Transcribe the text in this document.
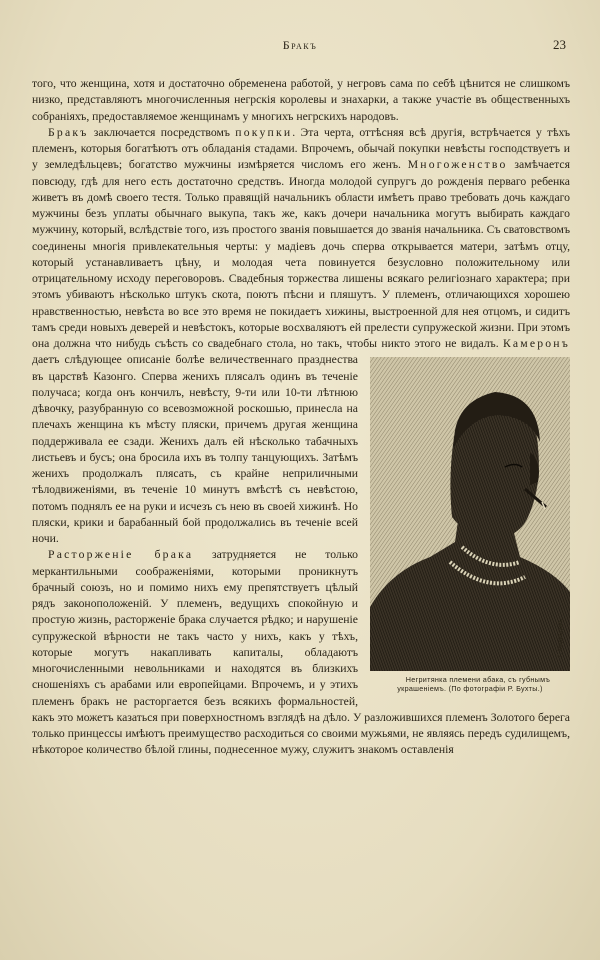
Бракъ	23

того, что женщина, хотя и достаточно обременена работой, у негровъ сама по себѣ цѣнится не слишкомъ низко, представляютъ многочисленныя негрскія королевы и знахарки, а также участіе въ общественныхъ собраніяхъ, предоставляемое женщинамъ у многихъ негрскихъ народовъ.

Бракъ заключается посредствомъ покупки. Эта черта, оттѣсняя всѣ другія, встрѣчается у тѣхъ племенъ, которыя богатѣютъ отъ обладанія стадами. Впрочемъ, обычай покупки невѣсты господствуетъ и у земледѣльцевъ; богатство мужчины измѣряется числомъ его женъ. Многоженство замѣчается повсюду, гдѣ для него есть достаточно средствъ. Иногда молодой супругъ до рожденія перваго ребенка живетъ въ домѣ своего тестя. Только правящій начальникъ области имѣетъ право требовать дочь каждаго мужчины безъ уплаты обычнаго выкупа, такъ же, какъ дочери начальника могутъ выбирать каждаго мужчину, который, вслѣдствіе того, изъ простого званія повышается до званія начальника. Съ сватовствомъ соединены многія привлекательныя черты: у мадіевъ дочь сперва открывается матери, затѣмъ отцу, который устанавливаетъ цѣну, и молодая чета повинуется безусловно положительному или отрицательному исходу переговоровъ. Свадебныя торжества лишены всякаго религіознаго характера; при этомъ убиваютъ нѣсколько штукъ скота, поютъ пѣсни и пляшутъ. У племенъ, отличающихся хорошею нравственностью, невѣста во все это время не покидаетъ хижины, выстроенной для нея отцомъ, и сидитъ тамъ среди новыхъ деверей и невѣстокъ, которые восхваляютъ ей прелести супружеской жизни. При этомъ она должна что нибудь съѣсть со свадебнаго стола, но такъ, чтобы никто этого не видалъ.
Г. Медвѣдевъ
Негритянка племени абака, съ губнымъ украшеніемъ. (По фотографіи Р. Бухты.)
Камеронъ даетъ слѣдующее описаніе болѣе величественнаго празднества въ царствѣ Казонго. Сперва женихъ плясалъ одинъ въ теченіе получаса; когда онъ кончилъ, невѣсту, 9-ти или 10-ти лѣтнюю дѣвочку, разубранную со всевозможной роскошью, принесла на плечахъ женщина къ мѣсту пляски, причемъ другая женщина поддерживала ее сзади. Женихъ далъ ей нѣсколько табачныхъ листьевъ и бусъ; она бросила ихъ въ толпу танцующихъ. Затѣмъ женихъ продолжалъ плясать, съ крайне неприличными тѣлодвиженіями, въ теченіе 10 минутъ вмѣстѣ съ невѣстою, потомъ поднялъ ее на руки и исчезъ съ нею въ своей хижинѣ. Но пляски, крики и барабанный бой продолжались въ теченіе всей ночи.

Расторженіе брака затрудняется не только меркантильными соображеніями, которыми проникнутъ брачный союзъ, но и помимо нихъ ему препятствуетъ цѣлый рядъ законоположеній. У племенъ, ведущихъ спокойную и простую жизнь, расторженіе брака случается рѣдко; и нарушеніе супружеской вѣрности не такъ часто у нихъ, какъ у тѣхъ, которые могутъ накапливать капиталы, обладаютъ многочисленными невольниками и находятся въ близкихъ сношеніяхъ съ арабами или европейцами. Впрочемъ, и у этихъ племенъ бракъ не расторгается безъ всякихъ формальностей, какъ это можетъ казаться при поверхностномъ взглядѣ на дѣло. У разложившихся племенъ Золотого берега только принцессы имѣютъ преимущество расходиться со своими мужьями, не являясь передъ судилищемъ, нѣкоторое количество бѣлой глины, поднесенное мужу, служитъ знакомъ оставленія
